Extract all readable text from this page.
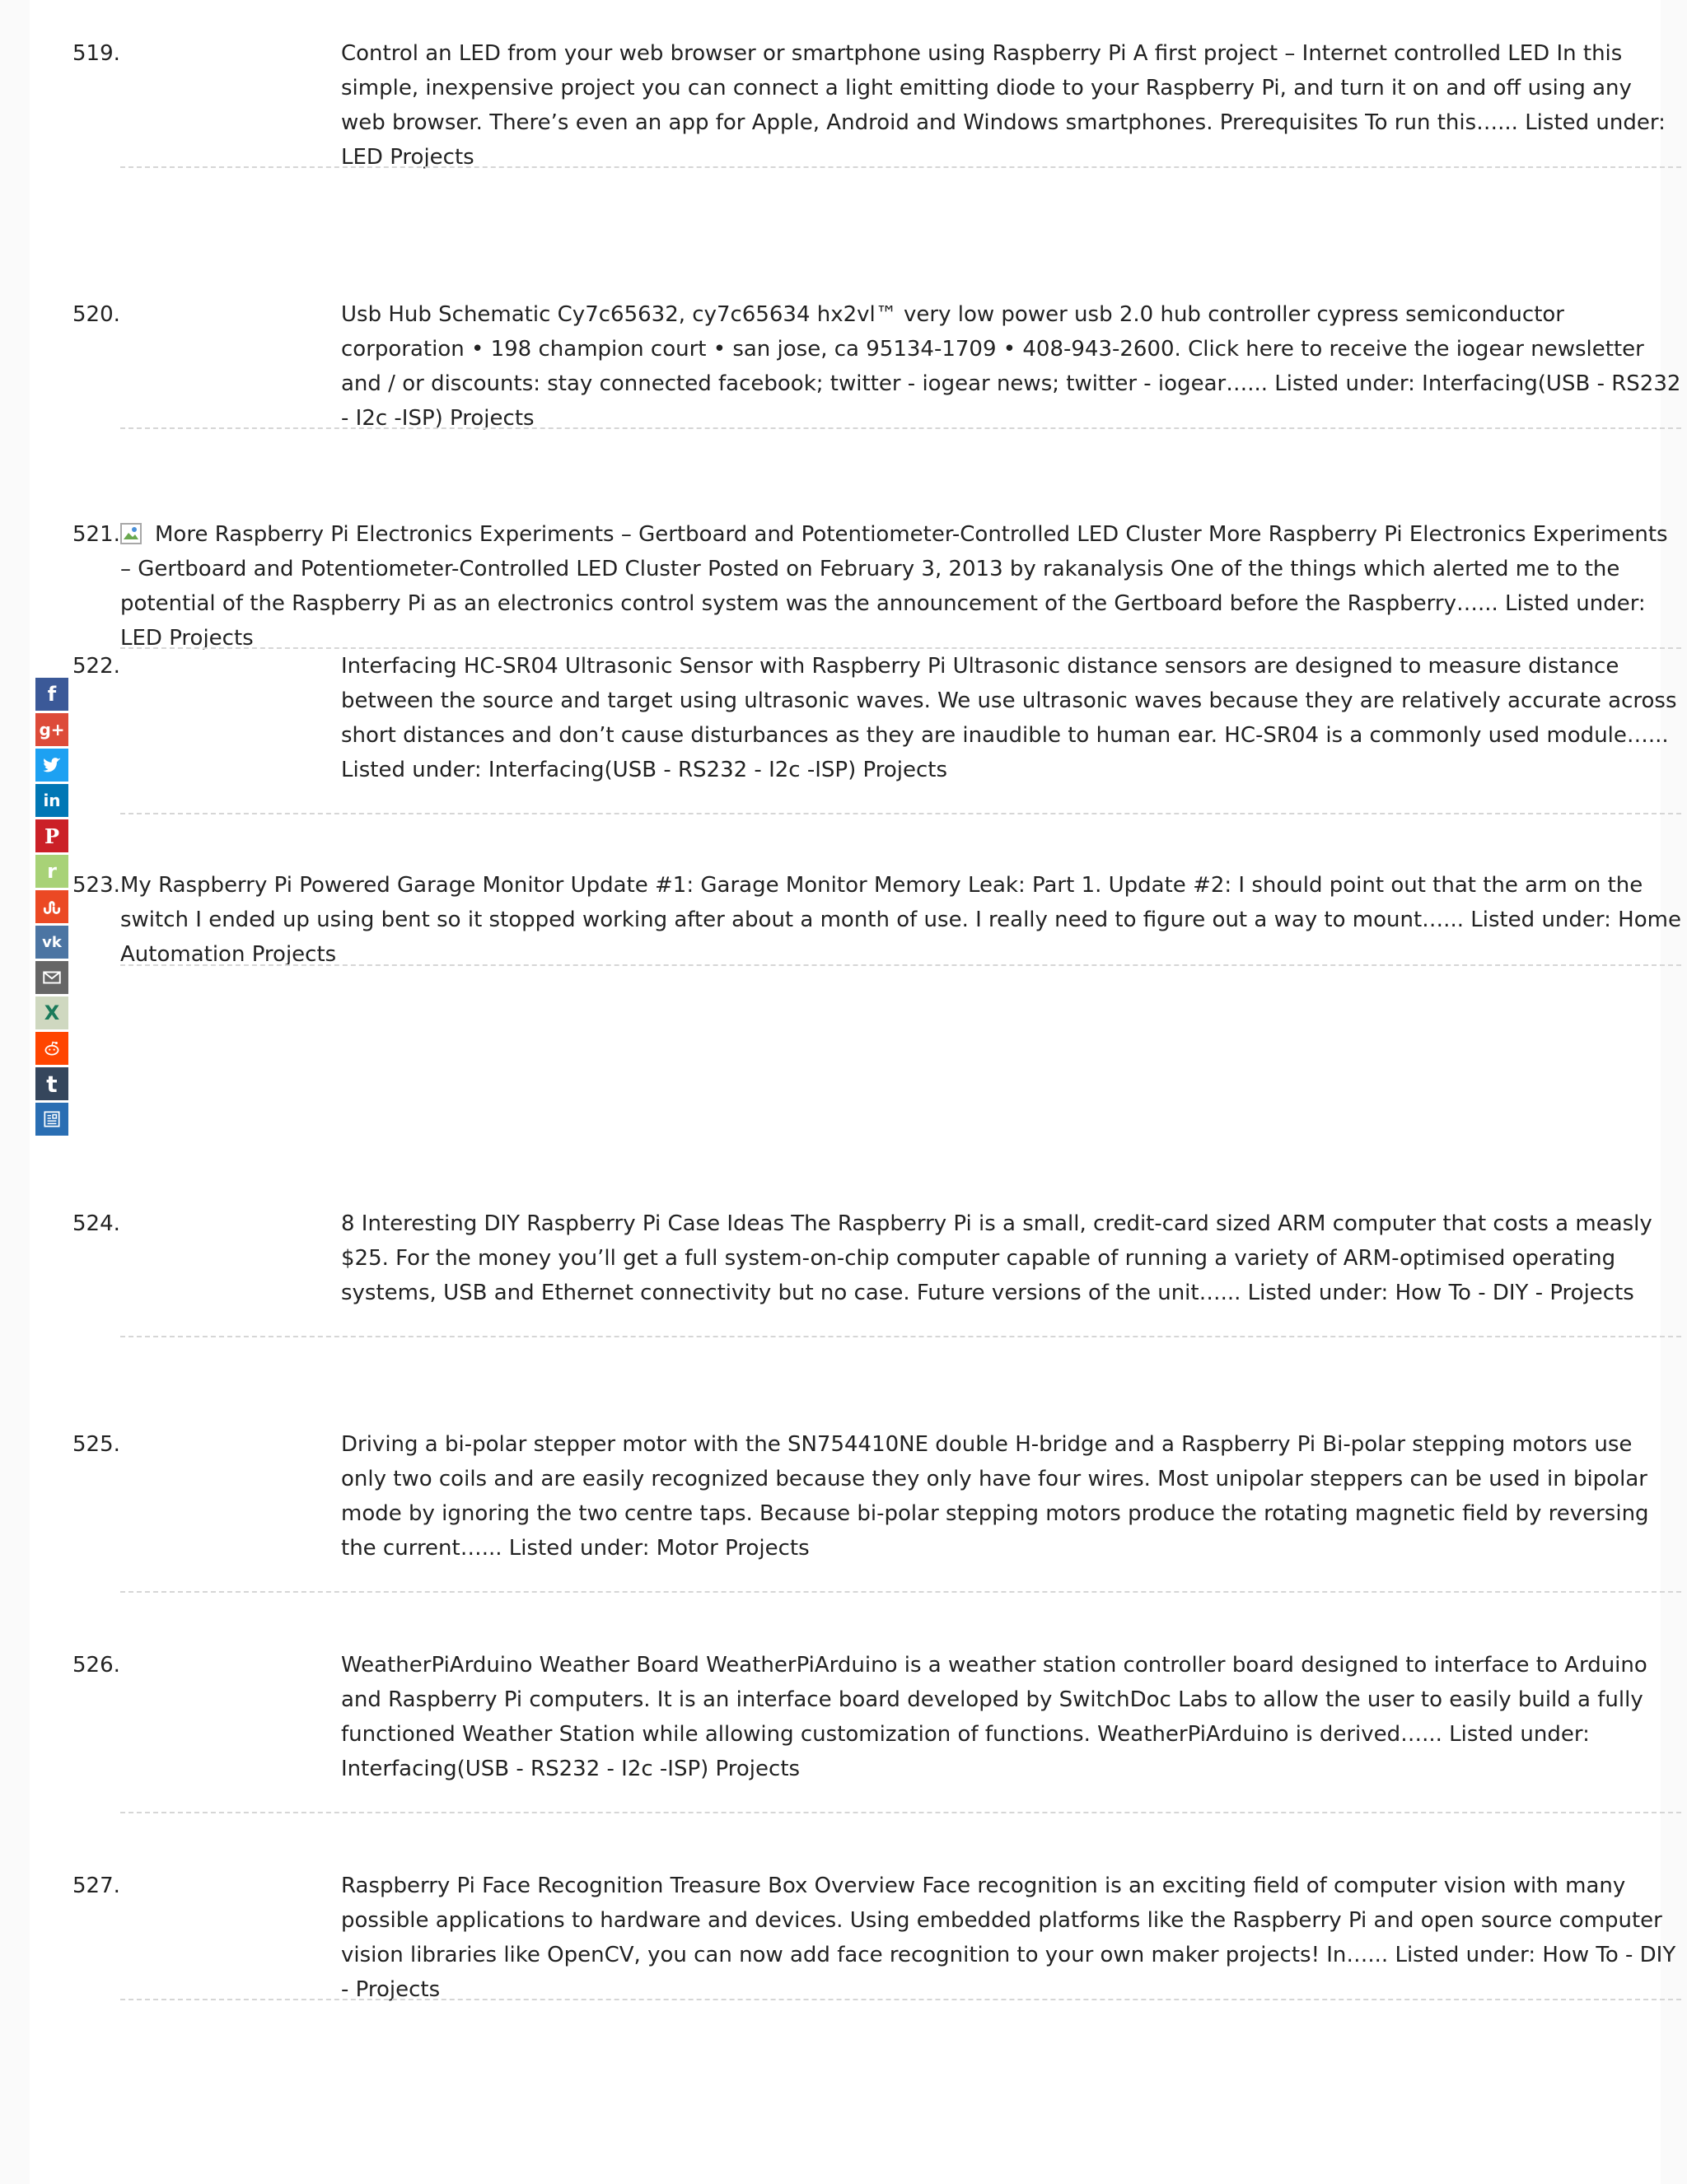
519.	Control an LED from your web browser or smartphone using Raspberry Pi A first project – Internet controlled LED In this simple, inexpensive project you can connect a light emitting diode to your Raspberry Pi, and turn it on and off using any web browser. There’s even an app for Apple, Android and Windows smartphones. Prerequisites To run this…... Listed under: LED Projects
520.	Usb Hub Schematic Cy7c65632, cy7c65634 hx2vl™ very low power usb 2.0 hub controller cypress semiconductor corporation • 198 champion court • san jose, ca 95134-1709 • 408-943-2600. Click here to receive the iogear newsletter and / or discounts: stay connected facebook; twitter - iogear news; twitter - iogear…... Listed under: Interfacing(USB - RS232 - I2c -ISP) Projects
521.	More Raspberry Pi Electronics Experiments – Gertboard and Potentiometer-Controlled LED Cluster More Raspberry Pi Electronics Experiments – Gertboard and Potentiometer-Controlled LED Cluster Posted on February 3, 2013 by rakanalysis One of the things which alerted me to the potential of the Raspberry Pi as an electronics control system was the announcement of the Gertboard before the Raspberry…... Listed under: LED Projects
522.	Interfacing HC-SR04 Ultrasonic Sensor with Raspberry Pi Ultrasonic distance sensors are designed to measure distance between the source and target using ultrasonic waves. We use ultrasonic waves because they are relatively accurate across short distances and don’t cause disturbances as they are inaudible to human ear. HC-SR04 is a commonly used module…... Listed under: Interfacing(USB - RS232 - I2c -ISP) Projects
523. My Raspberry Pi Powered Garage Monitor Update #1: Garage Monitor Memory Leak: Part 1. Update #2: I should point out that the arm on the switch I ended up using bent so it stopped working after about a month of use. I really need to figure out a way to mount…... Listed under: Home Automation Projects
524.	8 Interesting DIY Raspberry Pi Case Ideas The Raspberry Pi is a small, credit-card sized ARM computer that costs a measly $25. For the money you’ll get a full system-on-chip computer capable of running a variety of ARM-optimised operating systems, USB and Ethernet connectivity but no case. Future versions of the unit…... Listed under: How To - DIY - Projects
525.	Driving a bi-polar stepper motor with the SN754410NE double H-bridge and a Raspberry Pi Bi-polar stepping motors use only two coils and are easily recognized because they only have four wires. Most unipolar steppers can be used in bipolar mode by ignoring the two centre taps. Because bi-polar stepping motors produce the rotating magnetic field by reversing the current…... Listed under: Motor Projects
526.	WeatherPiArduino Weather Board WeatherPiArduino is a weather station controller board designed to interface to Arduino and Raspberry Pi computers. It is an interface board developed by SwitchDoc Labs to allow the user to easily build a fully functioned Weather Station while allowing customization of functions. WeatherPiArduino is derived…... Listed under: Interfacing(USB - RS232 - I2c -ISP) Projects
527.	Raspberry Pi Face Recognition Treasure Box Overview Face recognition is an exciting field of computer vision with many possible applications to hardware and devices. Using embedded platforms like the Raspberry Pi and open source computer vision libraries like OpenCV, you can now add face recognition to your own maker projects! In…... Listed under: How To - DIY - Projects
f
g+
in
P
r
vk
X
t
